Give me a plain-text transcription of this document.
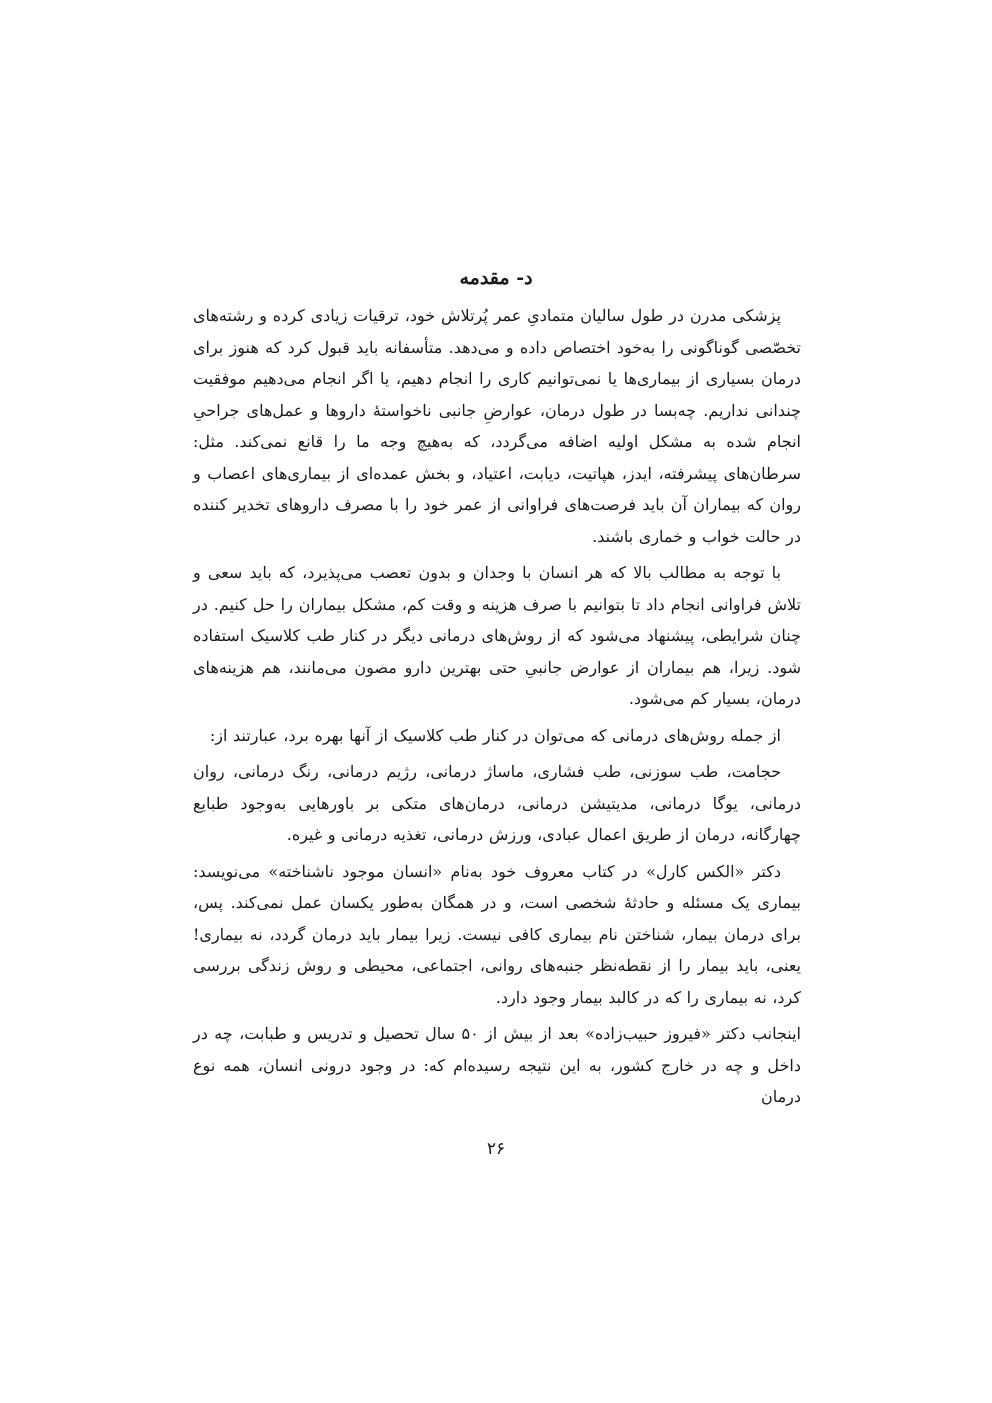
د- مقدمه

پزشکی مدرن در طول سالیان متمادیِ عمر پُرتلاش خود، ترقیات زیادی کرده و رشته‌های تخصّصی گوناگونی را به‌خود اختصاص داده و می‌دهد. متأسفانه باید قبول کرد که هنوز برای درمان بسیاری از بیماری‌ها یا نمی‌توانیم کاری را انجام دهیم، یا اگر انجام می‌دهیم موفقیت چندانی نداریم. چه‌بسا در طول درمان، عوارضِ جانبی ناخواستهٔ داروها و عمل‌های جراحیِ انجام شده به مشکل اولیه اضافه می‌گردد، که به‌هیچ وجه ما را قانع نمی‌کند. مثل: سرطان‌های پیشرفته، ایدز، هپاتیت، دیابت، اعتیاد، و بخش عمده‌ای از بیماری‌های اعصاب و روان که بیماران آن باید فرصت‌های فراوانی از عمر خود را با مصرف داروهای تخدیر کننده در حالت خواب و خماری باشند.

با توجه به مطالب بالا که هر انسان با وجدان و بدون تعصب می‌پذیرد، که باید سعی و تلاش فراوانی انجام داد تا بتوانیم با صرف هزینه و وقت کم، مشکل بیماران را حل کنیم. در چنان شرایطی، پیشنهاد می‌شود که از روش‌های درمانی دیگر در کنار طب کلاسیک استفاده شود. زیرا، هم بیماران از عوارض جانبیِ حتی بهترین دارو مصون می‌مانند، هم هزینه‌های درمان، بسیار کم می‌شود.

از جمله روش‌های درمانی که می‌توان در کنار طب کلاسیک از آنها بهره برد، عبارتند از:

حجامت، طب سوزنی، طب فشاری، ماساژ درمانی، رژیم درمانی، رنگ درمانی، روان درمانی، یوگا درمانی، مدیتیشن درمانی، درمان‌های متکی بر باورهایی به‌وجود طبایع چهارگانه، درمان از طریق اعمال عبادی، ورزش درمانی، تغذیه درمانی و غیره.

دکتر «الکس کارل» در کتاب معروف خود به‌نام «انسان موجود ناشناخته» می‌نویسد: بیماری یک مسئله و حادثهٔ شخصی است، و در همگان به‌طور یکسان عمل نمی‌کند. پس، برای درمان بیمار، شناختن نام بیماری کافی نیست. زیرا بیمار باید درمان گردد، نه بیماری! یعنی، باید بیمار را از نقطه‌نظر جنبه‌های روانی، اجتماعی، محیطی و روش زندگی بررسی کرد، نه بیماری را که در کالبد بیمار وجود دارد.

اینجانب دکتر «فیروز حبیب‌زاده» بعد از بیش از ۵۰ سال تحصیل و تدریس و طبابت، چه در داخل و چه در خارج کشور، به این نتیجه رسیده‌ام که: در وجود درونی انسان، همه نوع درمان

۲۶
